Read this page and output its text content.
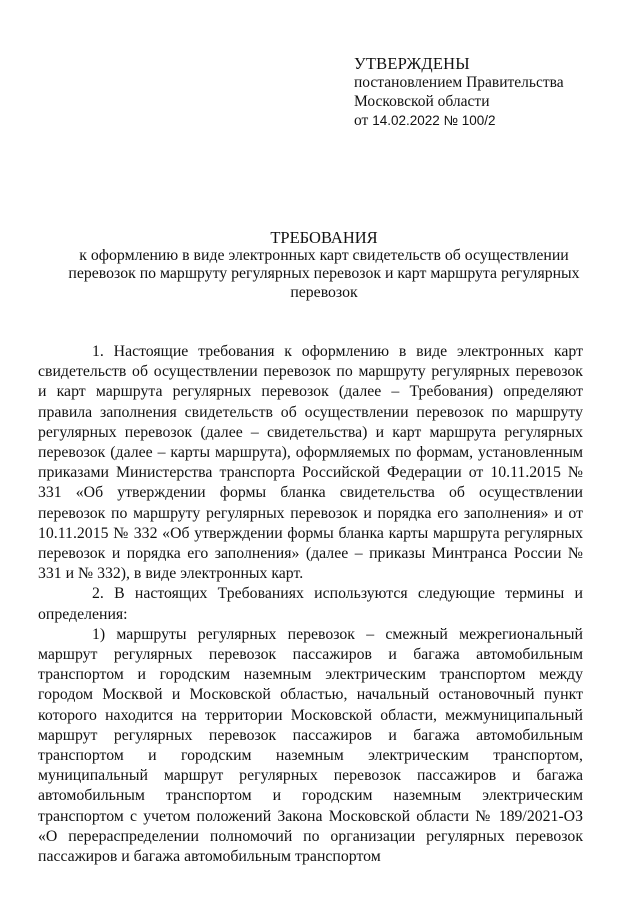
УТВЕРЖДЕНЫ
постановлением Правительства
Московской области
от 14.02.2022 № 100/2
ТРЕБОВАНИЯ
к оформлению в виде электронных карт свидетельств об осуществлении перевозок по маршруту регулярных перевозок и карт маршрута регулярных перевозок

1. Настоящие требования к оформлению в виде электронных карт свидетельств об осуществлении перевозок по маршруту регулярных перевозок и карт маршрута регулярных перевозок (далее – Требования) определяют правила заполнения свидетельств об осуществлении перевозок по маршруту регулярных перевозок (далее – свидетельства) и карт маршрута регулярных перевозок (далее – карты маршрута), оформляемых по формам, установленным приказами Министерства транспорта Российской Федерации от 10.11.2015 № 331 «Об утверждении формы бланка свидетельства об осуществлении перевозок по маршруту регулярных перевозок и порядка его заполнения» и от 10.11.2015 № 332 «Об утверждении формы бланка карты маршрута регулярных перевозок и порядка его заполнения» (далее – приказы Минтранса России № 331 и № 332), в виде электронных карт.

2. В настоящих Требованиях используются следующие термины и определения:

1) маршруты регулярных перевозок – смежный межрегиональный маршрут регулярных перевозок пассажиров и багажа автомобильным транспортом и городским наземным электрическим транспортом между городом Москвой и Московской областью, начальный остановочный пункт которого находится на территории Московской области, межмуниципальный маршрут регулярных перевозок пассажиров и багажа автомобильным транспортом и городским наземным электрическим транспортом, муниципальный маршрут регулярных перевозок пассажиров и багажа автомобильным транспортом и городским наземным электрическим транспортом с учетом положений Закона Московской области № 189/2021-ОЗ «О перераспределении полномочий по организации регулярных перевозок пассажиров и багажа автомобильным транспортом
